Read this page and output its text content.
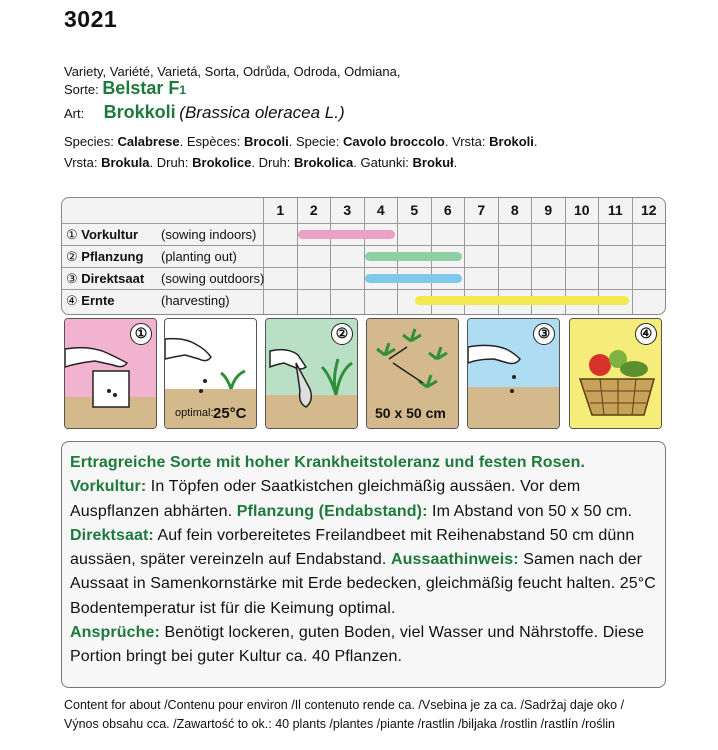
3021
Variety, Variété, Varietá, Sorta, Odrůda, Odroda, Odmiana,
Sorte: Belstar F1
Art: Brokkoli (Brassica oleracea L.)
Species: Calabrese. Espèces: Brocoli. Specie: Cavolo broccolo. Vrsta: Brokoli.
Vrsta: Brokula. Druh: Brokolice. Druh: Brokolica. Gatunki: Brokuł.
1	2	3	4	5	6	7	8	9	10	11	12
① Vorkultur (sowing indoors)
② Pflanzung (planting out)
③ Direktsaat (sowing outdoors)
④ Ernte	(harvesting)
①
optimal: 25°C
②
50 x 50 cm
③	④

Ertragreiche Sorte mit hoher Krankheitstoleranz und festen Rosen.

Vorkultur: In Töpfen oder Saatkistchen gleichmäßig aussäen. Vor dem Auspflanzen abhärten. Pflanzung (Endabstand): Im Abstand von 50 x 50 cm.
Direktsaat: Auf fein vorbereitetes Freilandbeet mit Reihenabstand 50 cm dünn aussäen, später vereinzeln auf Endabstand. Aussaathinweis: Samen nach der Aussaat in Samenkornstärke mit Erde bedecken, gleichmäßig feucht halten. 25°C Bodentemperatur ist für die Keimung optimal.
Ansprüche: Benötigt lockeren, guten Boden, viel Wasser und Nährstoffe. Diese Portion bringt bei guter Kultur ca. 40 Pflanzen.

Content for about /Contenu pour environ /Il contenuto rende ca. /Vsebina je za ca. /Sadržaj daje oko /
Výnos obsahu cca. /Zawartość to ok.: 40 plants /plantes /piante /rastlin /biljaka /rostlin /rastlín /roślin
